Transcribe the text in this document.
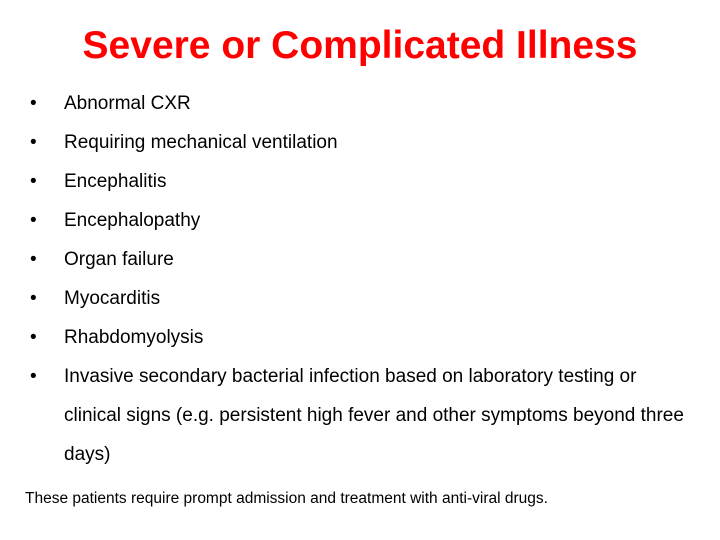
Severe or Complicated Illness
• Abnormal CXR
• Requiring mechanical ventilation
• Encephalitis
• Encephalopathy
• Organ failure
• Myocarditis
• Rhabdomyolysis
• Invasive secondary bacterial infection based on laboratory testing or clinical signs (e.g. persistent high fever and other symptoms beyond three days)
These patients require prompt admission and treatment with anti-viral drugs.
